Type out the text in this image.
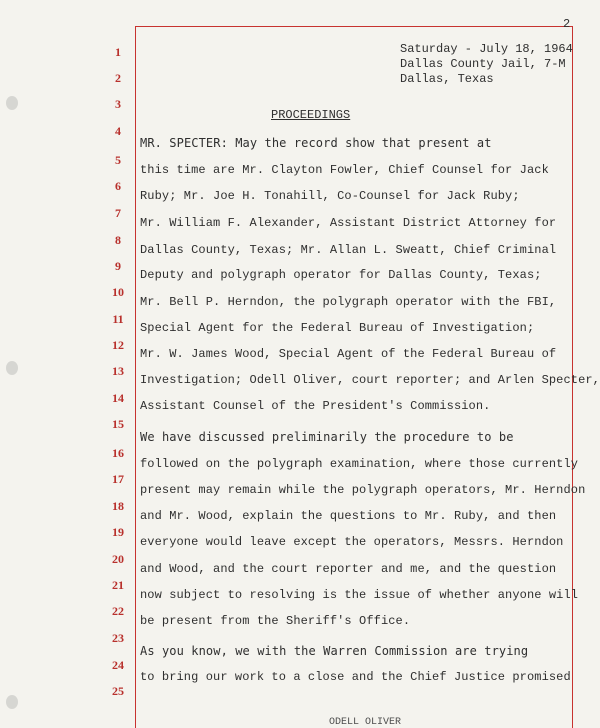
2
1
2
3
4
5
6
7
8
9
10
11
12
13
14
15
16
17
18
19
20
21
22
23
24
25
Saturday - July 18, 1964
Dallas County Jail, 7-M
Dallas, Texas
PROCEEDINGS
MR. SPECTER: May the record show that present at
this time are Mr. Clayton Fowler, Chief Counsel for Jack
Ruby; Mr. Joe H. Tonahill, Co-Counsel for Jack Ruby;
Mr. William F. Alexander, Assistant District Attorney for
Dallas County, Texas; Mr. Allan L. Sweatt, Chief Criminal
Deputy and polygraph operator for Dallas County, Texas;
Mr. Bell P. Herndon, the polygraph operator with the FBI,
Special Agent for the Federal Bureau of Investigation;
Mr. W. James Wood, Special Agent of the Federal Bureau of
Investigation; Odell Oliver, court reporter; and Arlen Specter,
Assistant Counsel of the President's Commission.
We have discussed preliminarily the procedure to be
followed on the polygraph examination, where those currently
present may remain while the polygraph operators, Mr. Herndon
and Mr. Wood, explain the questions to Mr. Ruby, and then
everyone would leave except the operators, Messrs. Herndon
and Wood, and the court reporter and me, and the question
now subject to resolving is the issue of whether anyone will
be present from the Sheriff's Office.
As you know, we with the Warren Commission are trying
to bring our work to a close and the Chief Justice promised
ODELL OLIVER
